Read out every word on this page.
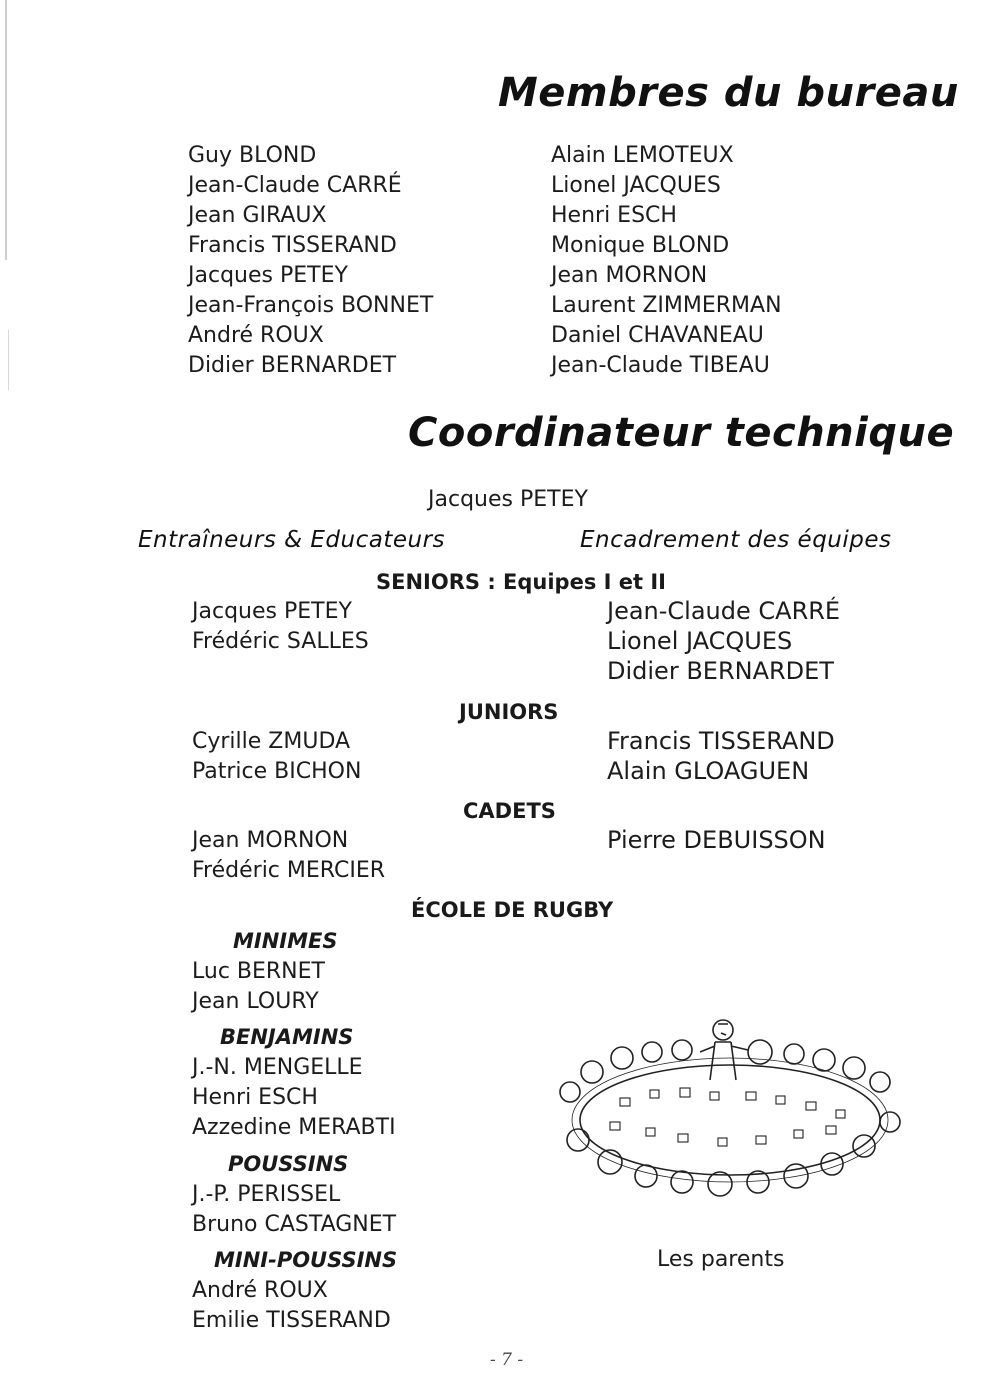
Membres du bureau
Guy BLOND
Jean-Claude CARRÉ
Jean GIRAUX
Francis TISSERAND
Jacques PETEY
Jean-François BONNET
André ROUX
Didier BERNARDET
Alain LEMOTEUX
Lionel JACQUES
Henri ESCH
Monique BLOND
Jean MORNON
Laurent ZIMMERMAN
Daniel CHAVANEAU
Jean-Claude TIBEAU
Coordinateur technique
Jacques PETEY
Entraîneurs & Educateurs	Encadrement des équipes
SENIORS : Equipes I et II
Jacques PETEY
Frédéric SALLES
Jean-Claude CARRÉ
Lionel JACQUES
Didier BERNARDET
JUNIORS
Cyrille ZMUDA
Patrice BICHON
Francis TISSERAND
Alain GLOAGUEN
CADETS
Jean MORNON
Frédéric MERCIER
Pierre DEBUISSON
ÉCOLE DE RUGBY
MINIMES
Luc BERNET
Jean LOURY
BENJAMINS
J.-N. MENGELLE
Henri ESCH
Azzedine MERABTI
POUSSINS
J.-P. PERISSEL
Bruno CASTAGNET
MINI-POUSSINS
André ROUX
Emilie TISSERAND
Les parents
- 7 -
